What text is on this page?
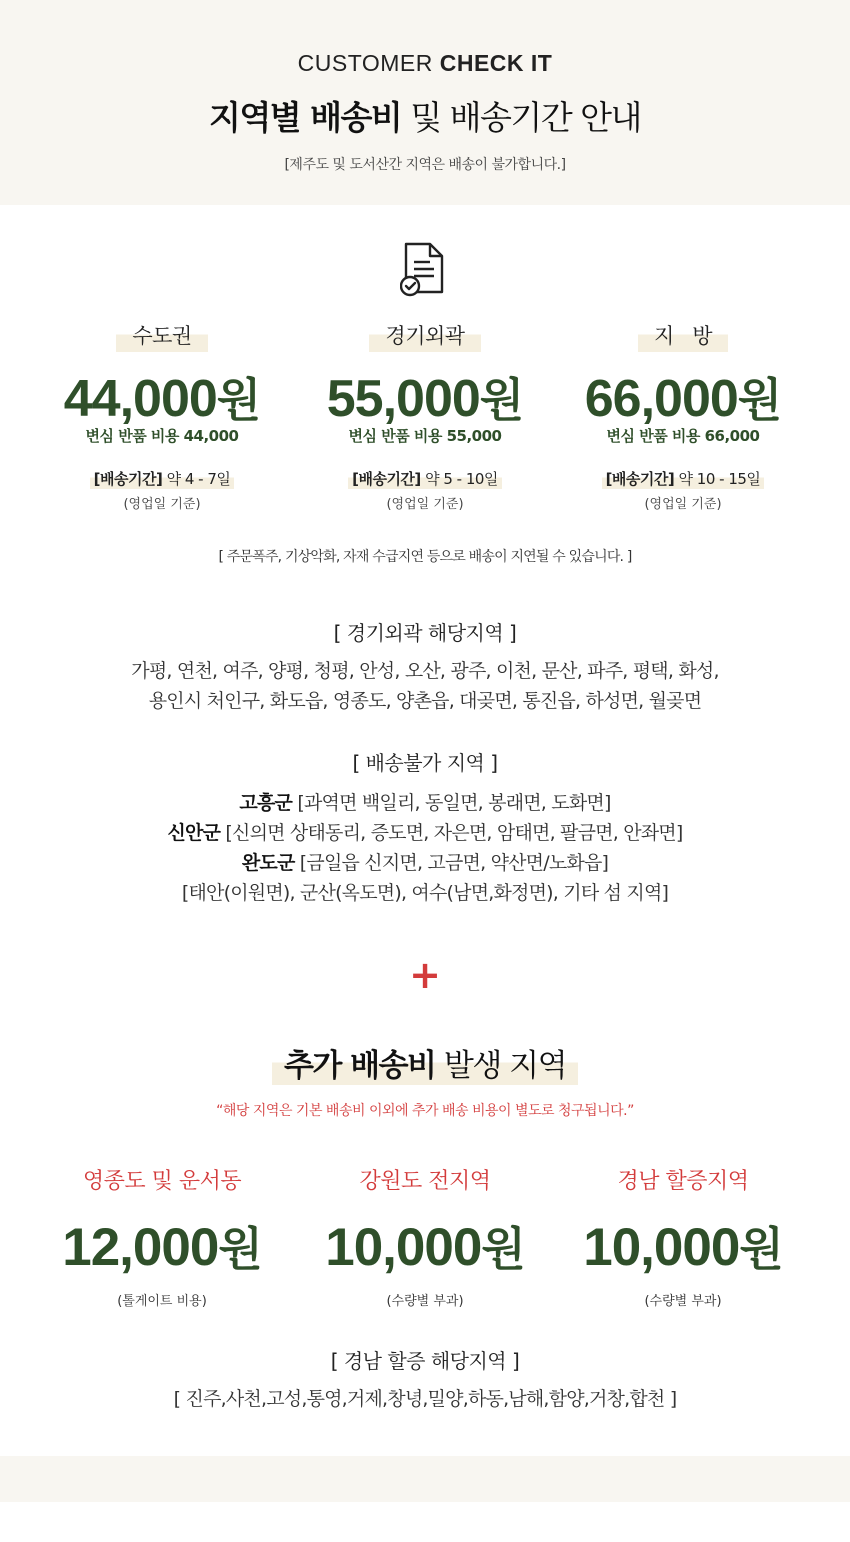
CUSTOMER CHECK IT
지역별 배송비 및 배송기간 안내
[제주도 및 도서산간 지역은 배송이 불가합니다.]
수도권
44,000원
변심 반품 비용 44,000
[배송기간] 약 4 - 7일
(영업일 기준)
경기외곽
55,000원
변심 반품 비용 55,000
[배송기간] 약 5 - 10일
(영업일 기준)
지   방
66,000원
변심 반품 비용 66,000
[배송기간] 약 10 - 15일
(영업일 기준)
[ 주문폭주, 기상악화, 자재 수급지연 등으로 배송이 지연될 수 있습니다. ]
[ 경기외곽 해당지역 ]
가평, 연천, 여주, 양평, 청평, 안성, 오산, 광주, 이천, 문산, 파주, 평택, 화성,
용인시 처인구, 화도읍, 영종도, 양촌읍, 대곶면, 통진읍, 하성면, 월곶면
[ 배송불가 지역 ]
고흥군 [과역면 백일리, 동일면, 봉래면, 도화면]
신안군 [신의면 상태동리, 증도면, 자은면, 암태면, 팔금면, 안좌면]
완도군 [금일읍 신지면, 고금면, 약산면/노화읍]
[태안(이원면), 군산(옥도면), 여수(남면,화정면), 기타 섬 지역]
+
추가 배송비 발생 지역
“해당 지역은 기본 배송비 이외에 추가 배송 비용이 별도로 청구됩니다.”
영종도 및 운서동
12,000원
(톨게이트 비용)
강원도 전지역
10,000원
(수량별 부과)
경남 할증지역
10,000원
(수량별 부과)
[ 경남 할증 해당지역 ]
[ 진주,사천,고성,통영,거제,창녕,밀양,하동,남해,함양,거창,합천 ]
